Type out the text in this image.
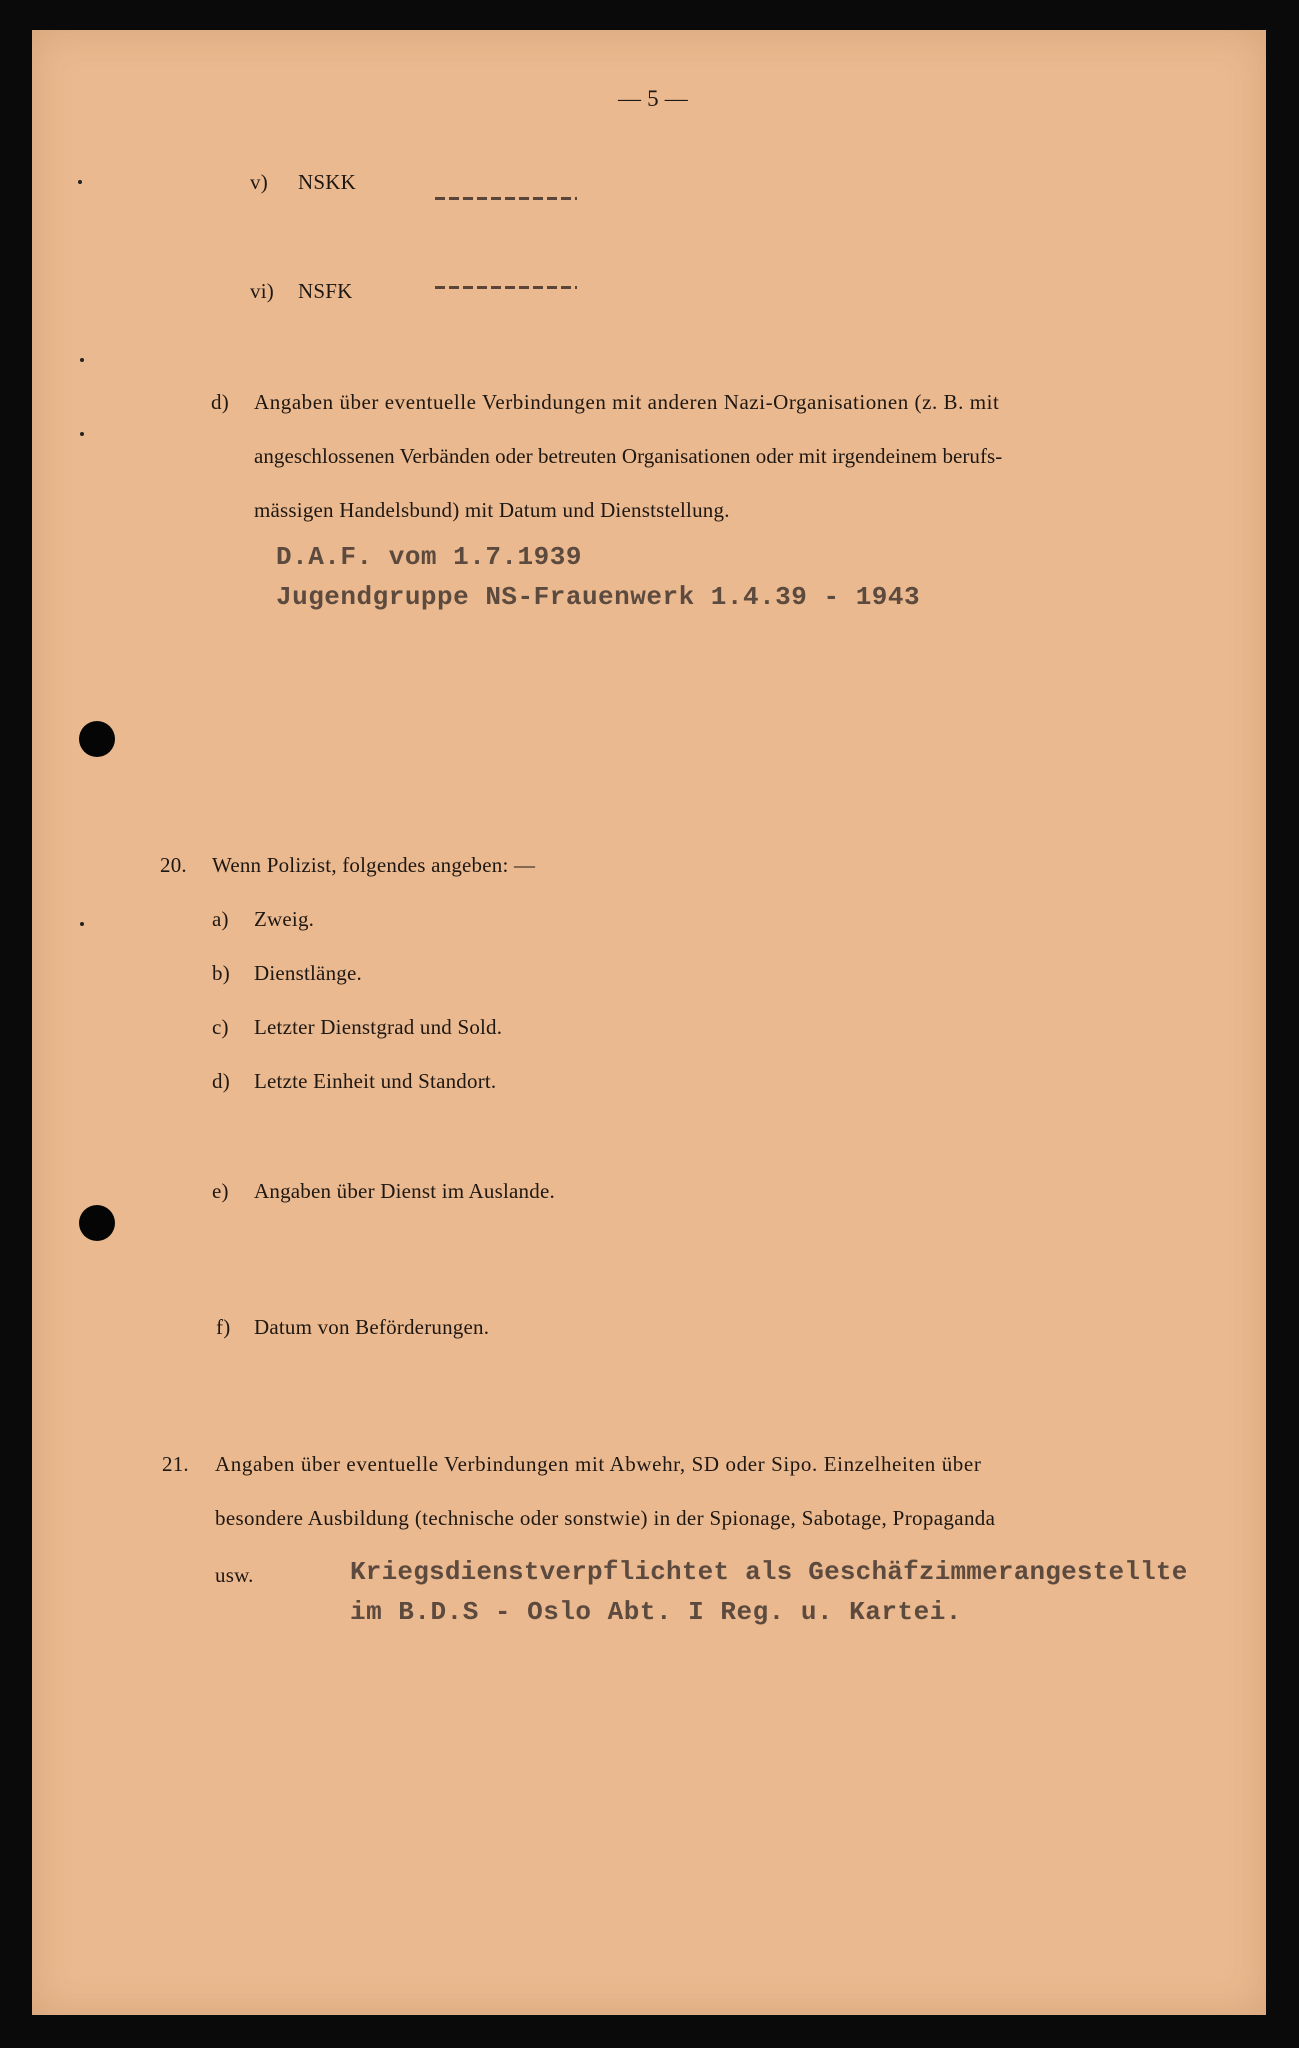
— 5 —
v) NSKK
vi) NSFK
d) Angaben über eventuelle Verbindungen mit anderen Nazi-Organisationen (z. B. mit
angeschlossenen Verbänden oder betreuten Organisationen oder mit irgendeinem berufs-
mässigen Handelsbund) mit Datum und Dienststellung.
D.A.F. vom 1.7.1939
Jugendgruppe NS-Frauenwerk 1.4.39 - 1943
20. Wenn Polizist, folgendes angeben: —
a) Zweig.
b) Dienstlänge.
c) Letzter Dienstgrad und Sold.
d) Letzte Einheit und Standort.
e) Angaben über Dienst im Auslande.
f) Datum von Beförderungen.
21. Angaben über eventuelle Verbindungen mit Abwehr, SD oder Sipo. Einzelheiten über
besondere Ausbildung (technische oder sonstwie) in der Spionage, Sabotage, Propaganda
usw.	Kriegsdienstverpflichtet als Geschäfzimmerangestellte
im B.D.S - Oslo Abt. I Reg. u. Kartei.
